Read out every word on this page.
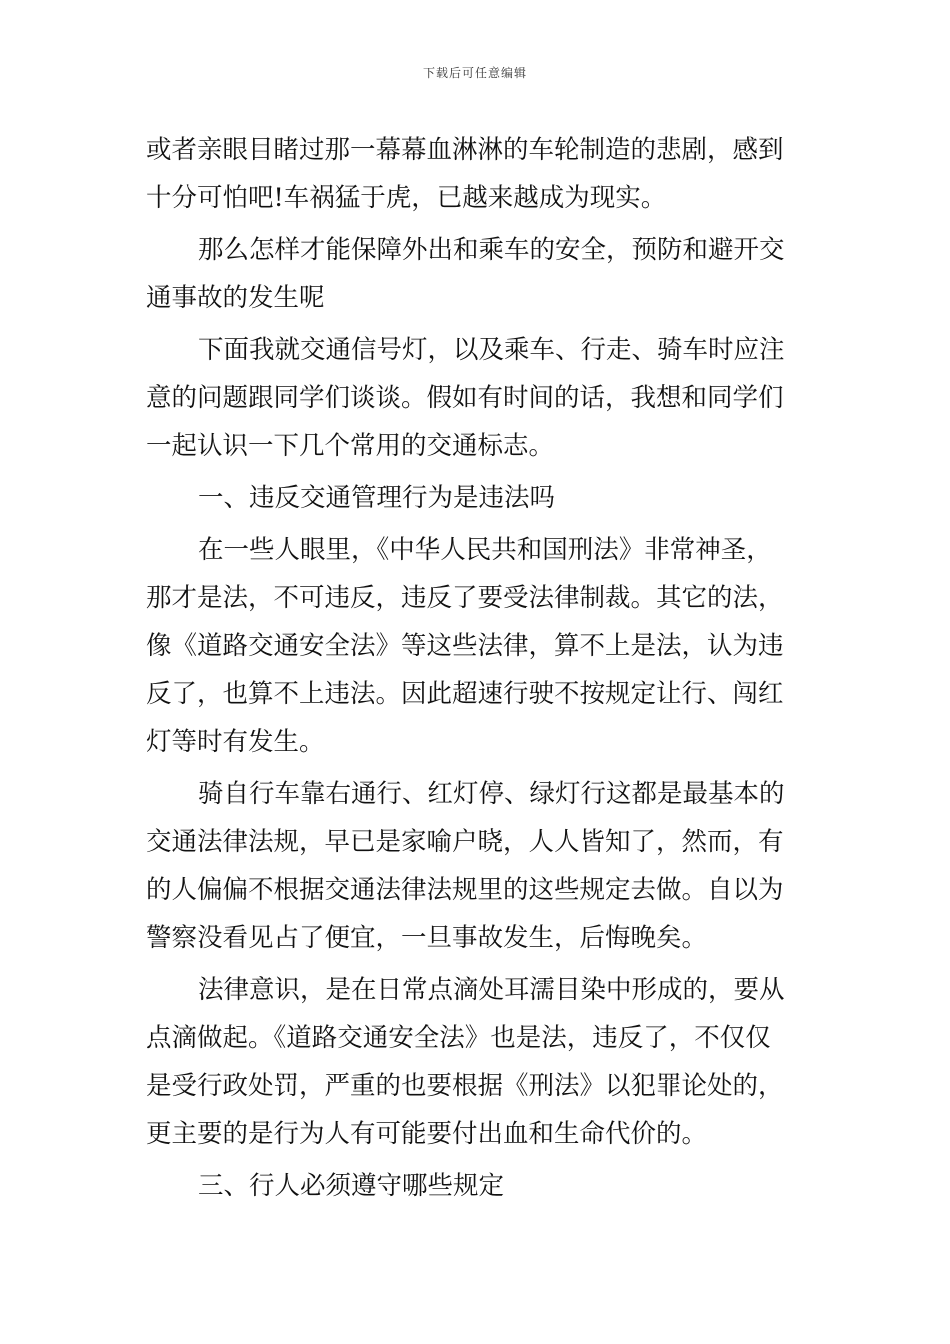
下载后可任意编辑
或者亲眼目睹过那一幕幕血淋淋的车轮制造的悲剧，感到
十分可怕吧!车祸猛于虎，已越来越成为现实。
那么怎样才能保障外出和乘车的安全，预防和避开交
通事故的发生呢
下面我就交通信号灯，以及乘车、行走、骑车时应注
意的问题跟同学们谈谈。假如有时间的话，我想和同学们
一起认识一下几个常用的交通标志。
一、违反交通管理行为是违法吗
在一些人眼里，《中华人民共和国刑法》非常神圣，
那才是法，不可违反，违反了要受法律制裁。其它的法，
像《道路交通安全法》等这些法律，算不上是法，认为违
反了，也算不上违法。因此超速行驶不按规定让行、闯红
灯等时有发生。
骑自行车靠右通行、红灯停、绿灯行这都是最基本的
交通法律法规，早已是家喻户晓，人人皆知了，然而，有
的人偏偏不根据交通法律法规里的这些规定去做。自以为
警察没看见占了便宜，一旦事故发生，后悔晚矣。
法律意识，是在日常点滴处耳濡目染中形成的，要从
点滴做起。《道路交通安全法》也是法，违反了，不仅仅
是受行政处罚，严重的也要根据《刑法》以犯罪论处的，
更主要的是行为人有可能要付出血和生命代价的。
三、行人必须遵守哪些规定
